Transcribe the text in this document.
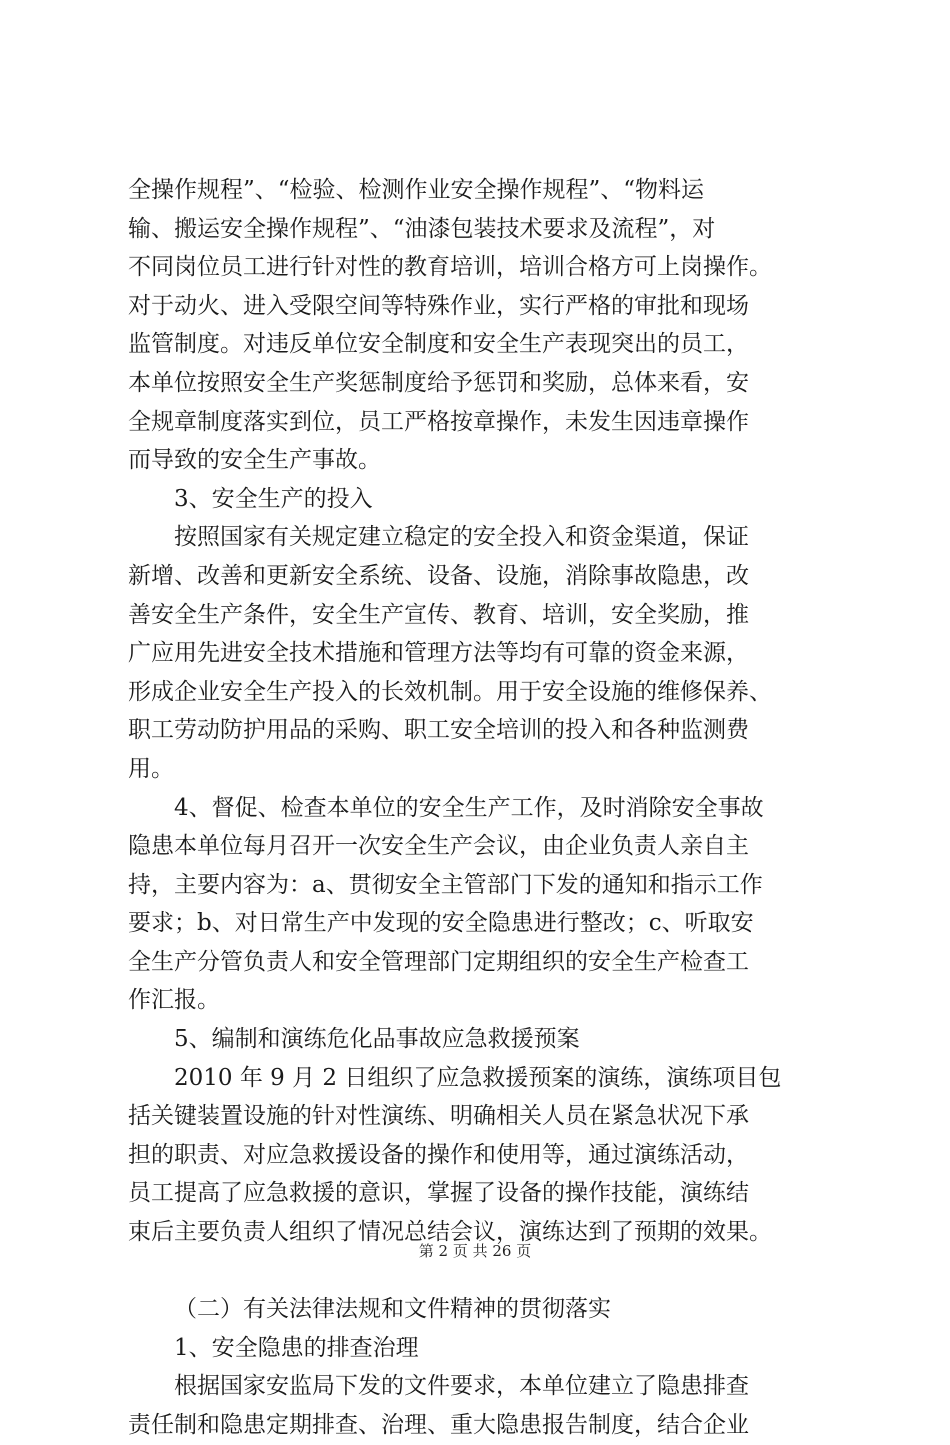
全操作规程”、“检验、检测作业安全操作规程”、“物料运
输、搬运安全操作规程”、“油漆包装技术要求及流程”，对
不同岗位员工进行针对性的教育培训，培训合格方可上岗操作。
对于动火、进入受限空间等特殊作业，实行严格的审批和现场
监管制度。对违反单位安全制度和安全生产表现突出的员工，
本单位按照安全生产奖惩制度给予惩罚和奖励，总体来看，安
全规章制度落实到位，员工严格按章操作，未发生因违章操作
而导致的安全生产事故。
3、安全生产的投入
按照国家有关规定建立稳定的安全投入和资金渠道，保证
新增、改善和更新安全系统、设备、设施，消除事故隐患，改
善安全生产条件，安全生产宣传、教育、培训，安全奖励，推
广应用先进安全技术措施和管理方法等均有可靠的资金来源，
形成企业安全生产投入的长效机制。用于安全设施的维修保养、
职工劳动防护用品的采购、职工安全培训的投入和各种监测费
用。
4、督促、检查本单位的安全生产工作，及时消除安全事故
隐患本单位每月召开一次安全生产会议，由企业负责人亲自主
持，主要内容为：a、贯彻安全主管部门下发的通知和指示工作
要求；b、对日常生产中发现的安全隐患进行整改；c、听取安
全生产分管负责人和安全管理部门定期组织的安全生产检查工
作汇报。
5、编制和演练危化品事故应急救援预案
2010 年 9 月 2 日组织了应急救援预案的演练，演练项目包
括关键装置设施的针对性演练、明确相关人员在紧急状况下承
担的职责、对应急救援设备的操作和使用等，通过演练活动，
员工提高了应急救援的意识，掌握了设备的操作技能，演练结
束后主要负责人组织了情况总结会议，演练达到了预期的效果。
（二）有关法律法规和文件精神的贯彻落实
1、安全隐患的排查治理
根据国家安监局下发的文件要求，本单位建立了隐患排查
责任制和隐患定期排查、治理、重大隐患报告制度，结合企业
第 2 页 共 26 页
